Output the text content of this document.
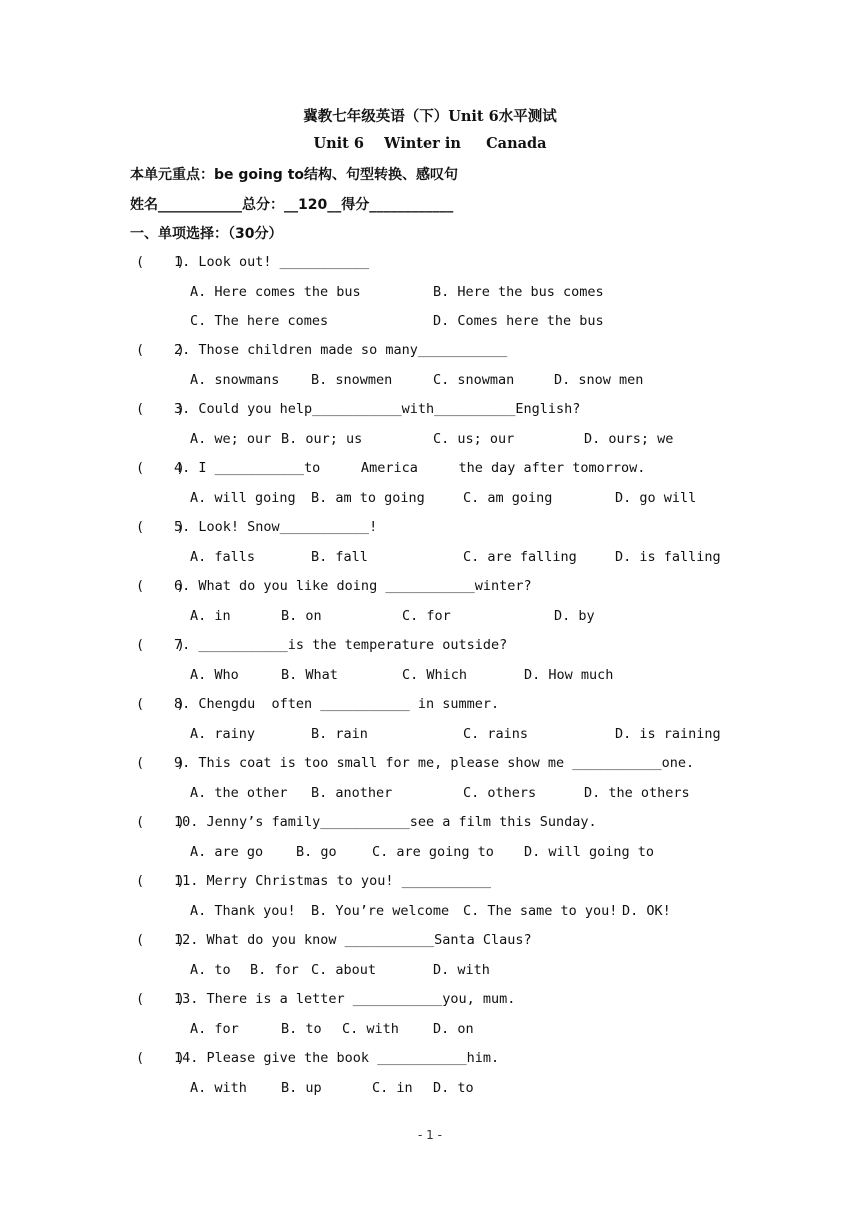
冀教七年级英语（下）Unit 6水平测试
Unit 6    Winter in     Canada
本单元重点：be going to结构、句型转换、感叹句
姓名____________总分：__120__得分____________
一、单项选择：（30分）
(    )
1. Look out! ___________
A. Here comes the bus	B. Here the bus comes
C. The here comes	D. Comes here the bus
(    )
2. Those children made so many___________
A. snowmans B. snowmen	C. snowman	D. snow men
(    )
3. Could you help___________with__________English?
A. we; our B. our; us	C. us; our	D. ours; we
(    )
4. I ___________to     America     the day after tomorrow.
A. will going B. am to going	C. am going	D. go will
(    )
5. Look! Snow___________!
A. falls	B. fall	C. are falling	D. is falling
(    )
6. What do you like doing ___________winter?
A. in	B. on	C. for	D. by
(    )
7. ___________is the temperature outside?
A. Who	B. What	C. Which	D. How much
(    )
8. Chengdu  often ___________ in summer.
A. rainy	B. rain	C. rains	D. is raining
(    )
9. This coat is too small for me, please show me ___________one.
A. the other B. another	C. others	D. the others
(    )
10. Jenny’s family___________see a film this Sunday.
A. are go B. go	C. are going to D. will going to
(    )
11. Merry Christmas to you! ___________
A. Thank you! B. You’re welcome C. The same to you! D. OK!
(    )
12. What do you know ___________Santa Claus?
A. to B. for C. about	D. with
(    )
13. There is a letter ___________you, mum.
A. for	B. to C. with	D. on
(    )
14. Please give the book ___________him.
A. with	B. up	C. in D. to
- 1 -
